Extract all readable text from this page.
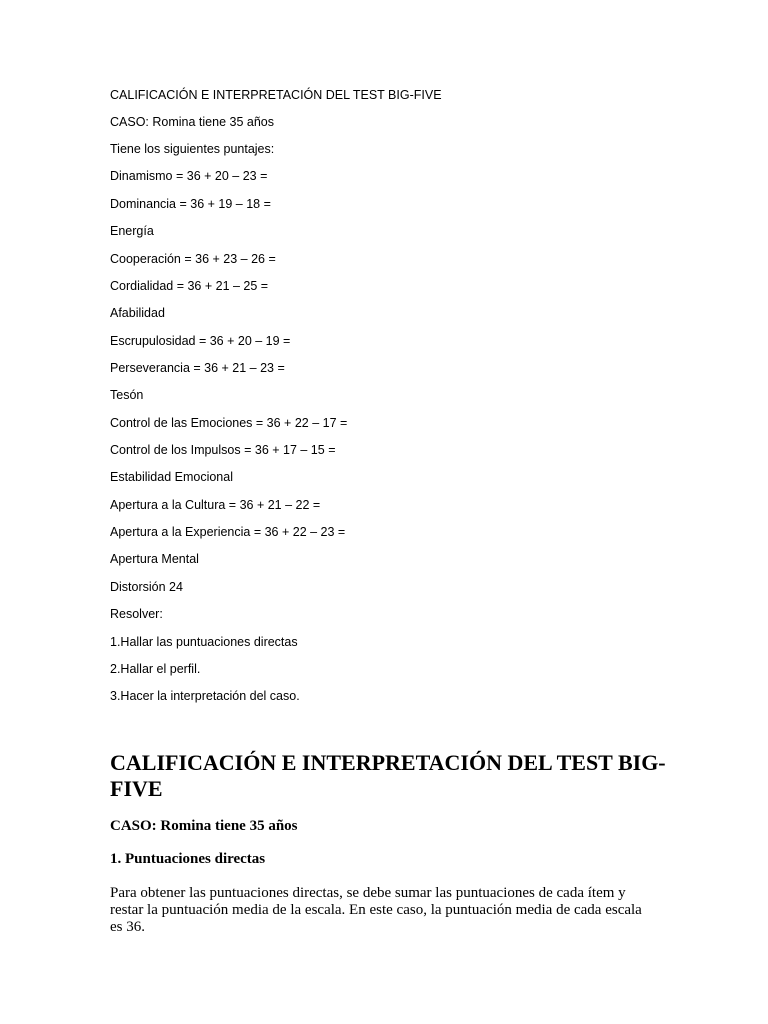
CALIFICACIÓN E INTERPRETACIÓN DEL TEST BIG-FIVE

CASO: Romina tiene 35 años

Tiene los siguientes puntajes:

Dinamismo = 36 + 20 – 23 =

Dominancia = 36 + 19 – 18 =

Energía

Cooperación = 36 + 23 – 26 =

Cordialidad = 36 + 21 – 25 =

Afabilidad

Escrupulosidad = 36 + 20 – 19 =

Perseverancia = 36 + 21 – 23 =

Tesón

Control de las Emociones = 36 + 22 – 17 =

Control de los Impulsos = 36 + 17 – 15 =

Estabilidad Emocional

Apertura a la Cultura = 36 + 21 – 22 =

Apertura a la Experiencia = 36 + 22 – 23 =

Apertura Mental

Distorsión 24

Resolver:

1.Hallar las puntuaciones directas

2.Hallar el perfil.

3.Hacer la interpretación del caso.

CALIFICACIÓN E INTERPRETACIÓN DEL TEST BIG-FIVE
CASO: Romina tiene 35 años
1. Puntuaciones directas

Para obtener las puntuaciones directas, se debe sumar las puntuaciones de cada ítem y restar la puntuación media de la escala. En este caso, la puntuación media de cada escala es 36.
